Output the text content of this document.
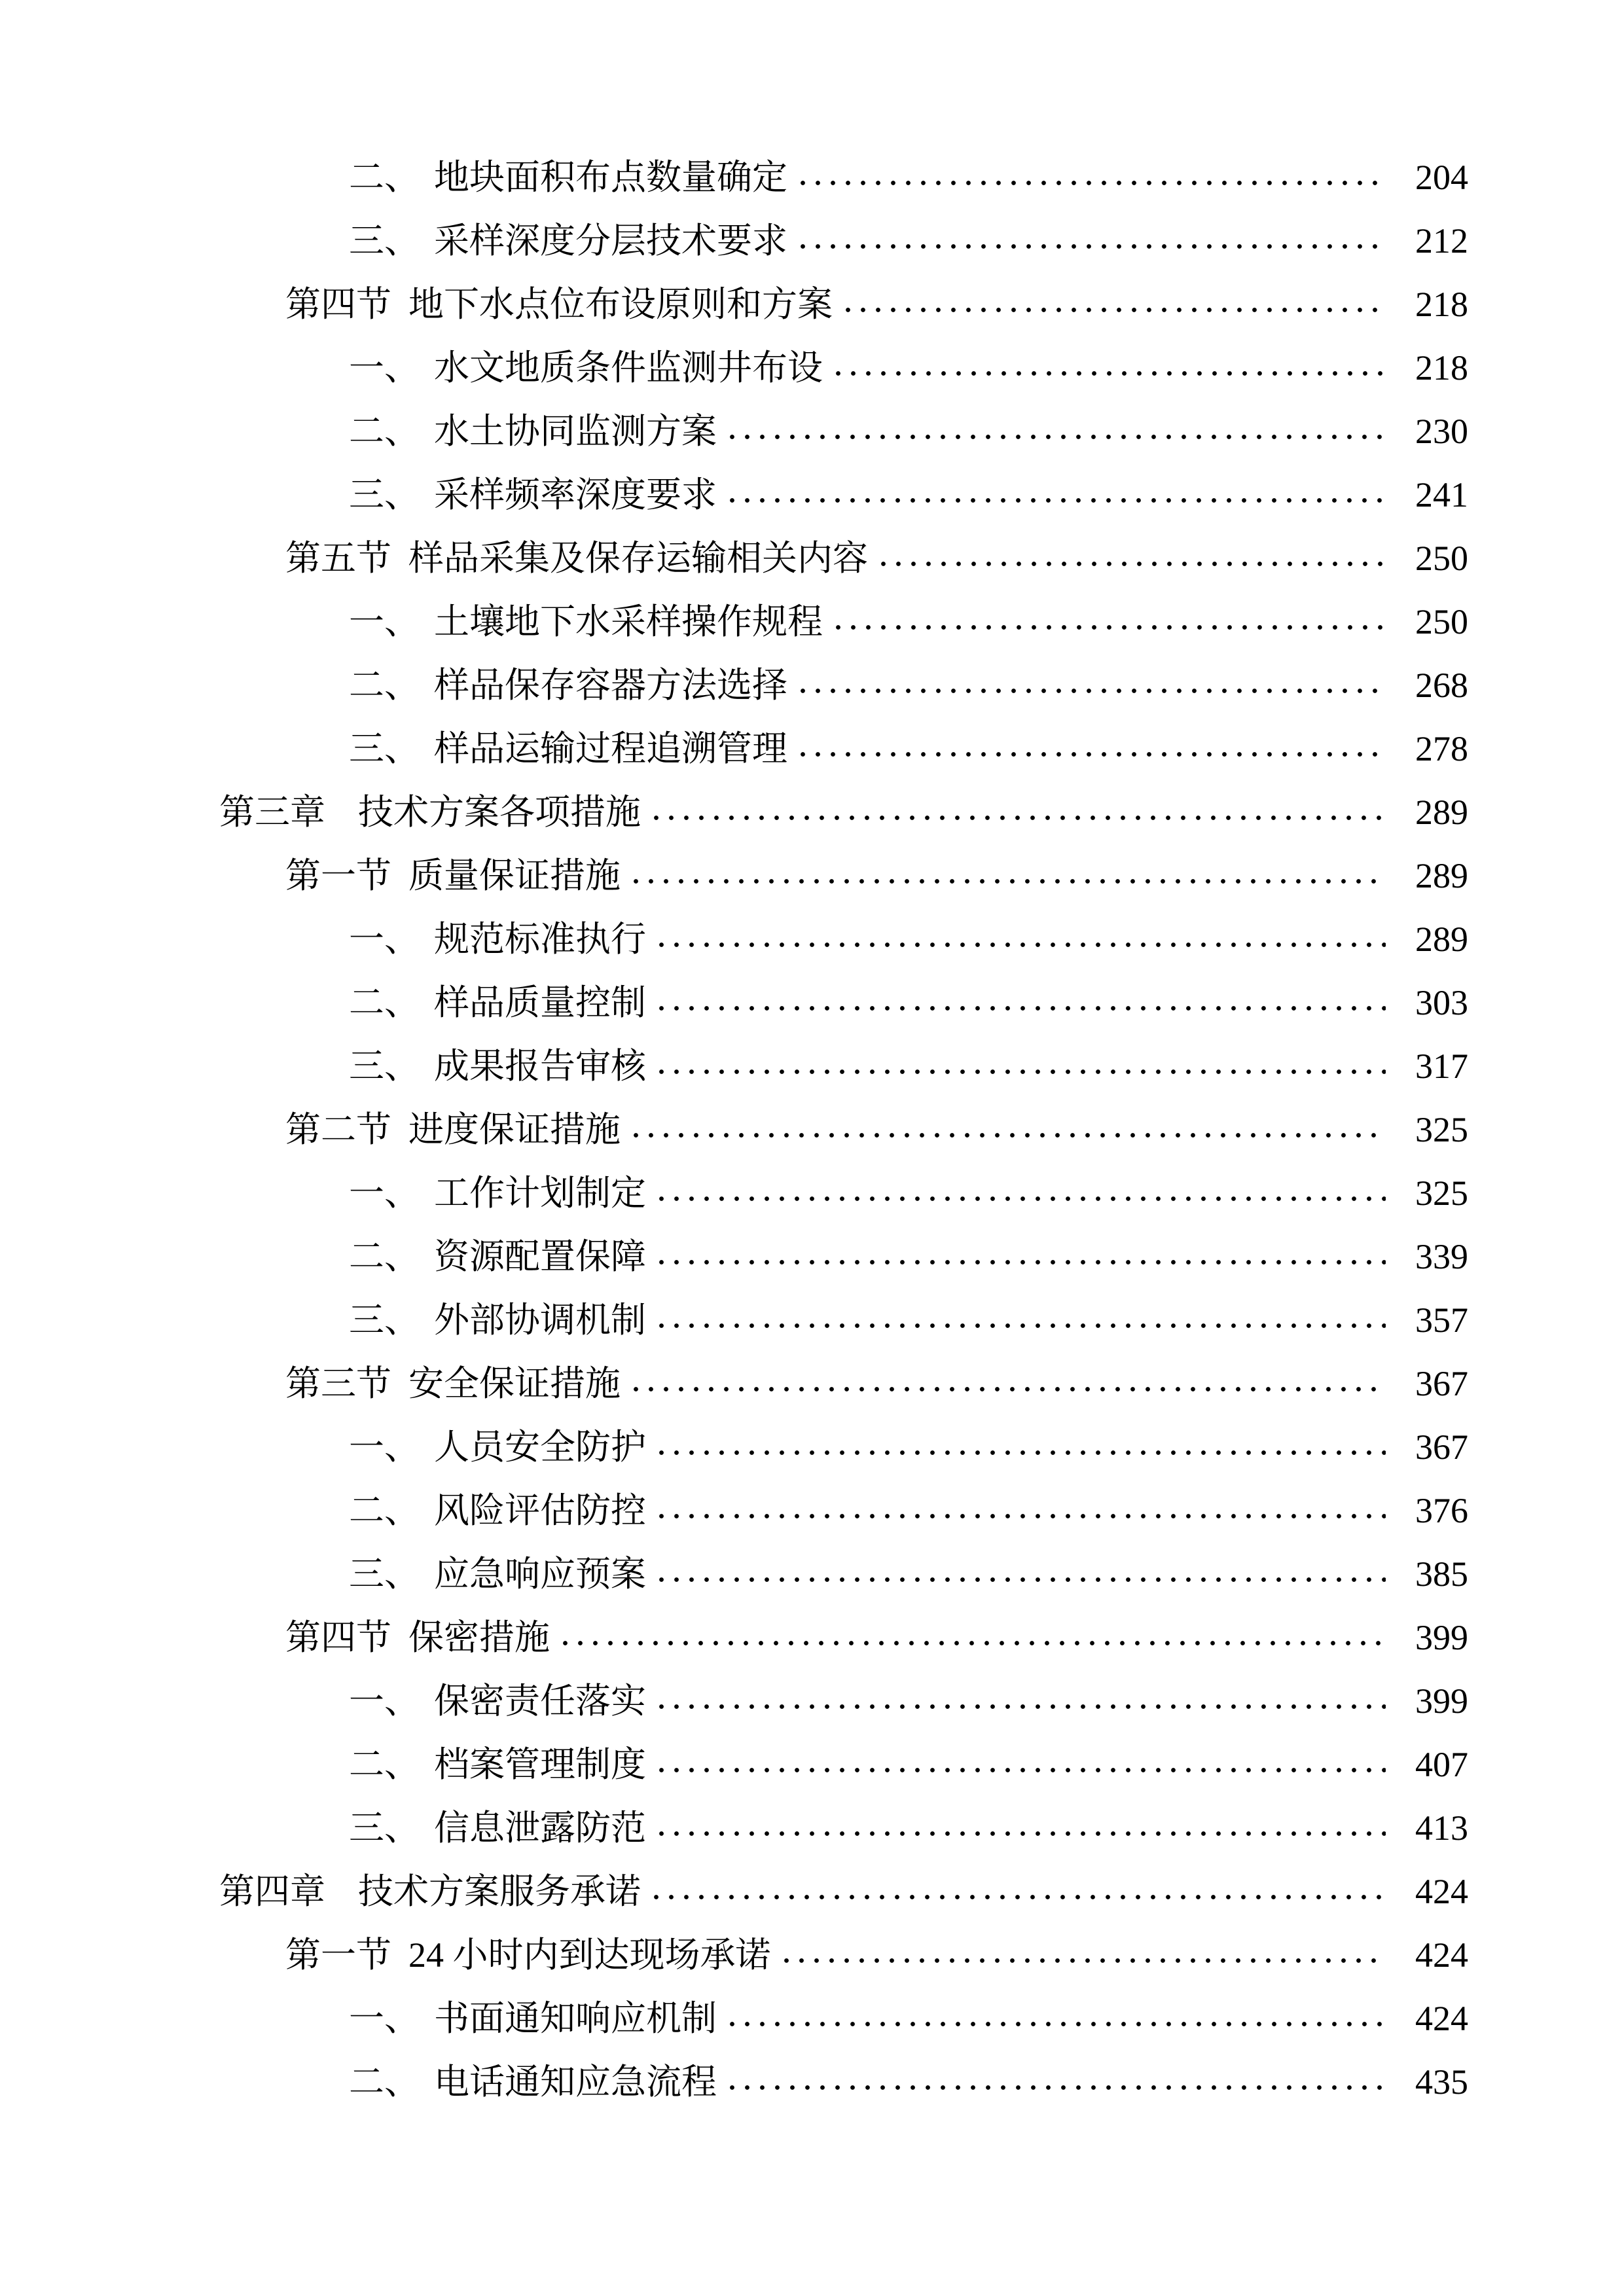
二、 地块面积布点数量确定	204
三、 采样深度分层技术要求	212
第四节 地下水点位布设原则和方案	218
一、 水文地质条件监测井布设	218
二、 水土协同监测方案	230
三、 采样频率深度要求	241
第五节 样品采集及保存运输相关内容	250
一、 土壤地下水采样操作规程	250
二、 样品保存容器方法选择	268
三、 样品运输过程追溯管理	278
第三章 技术方案各项措施	289
第一节 质量保证措施	289
一、 规范标准执行	289
二、 样品质量控制	303
三、 成果报告审核	317
第二节 进度保证措施	325
一、 工作计划制定	325
二、 资源配置保障	339
三、 外部协调机制	357
第三节 安全保证措施	367
一、 人员安全防护	367
二、 风险评估防控	376
三、 应急响应预案	385
第四节 保密措施	399
一、 保密责任落实	399
二、 档案管理制度	407
三、 信息泄露防范	413
第四章 技术方案服务承诺	424
第一节 24 小时内到达现场承诺	424
一、 书面通知响应机制	424
二、 电话通知应急流程	435
